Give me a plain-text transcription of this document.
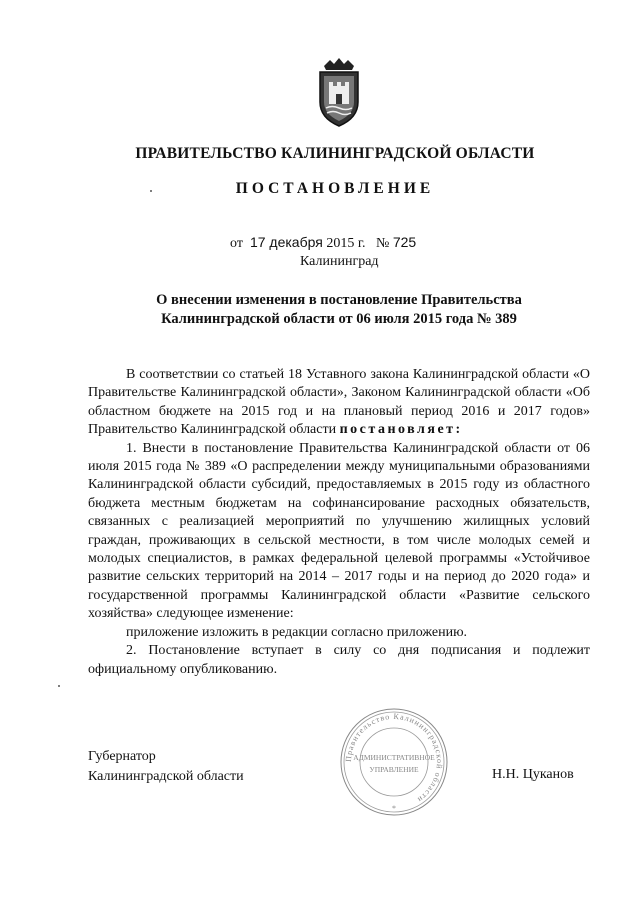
ПРАВИТЕЛЬСТВО КАЛИНИНГРАДСКОЙ ОБЛАСТИ
ПОСТАНОВЛЕНИЕ
от 17 декабря 2015 г. № 725
Калининград
О внесении изменения в постановление Правительства
Калининградской области от 06 июля 2015 года № 389

В соответствии со статьей 18 Уставного закона Калининградской области «О Правительстве Калининградской области», Законом Калининградской области «Об областном бюджете на 2015 год и на плановый период 2016 и 2017 годов» Правительство Калининградской области постановляет:

1. Внести в постановление Правительства Калининградской области от 06 июля 2015 года № 389 «О распределении между муниципальными образованиями Калининградской области субсидий, предоставляемых в 2015 году из областного бюджета местным бюджетам на софинансирование расходных обязательств, связанных с реализацией мероприятий по улучшению жилищных условий граждан, проживающих в сельской местности, в том числе молодых семей и молодых специалистов, в рамках федеральной целевой программы «Устойчивое развитие сельских территорий на 2014 – 2017 годы и на период до 2020 года» и государственной программы Калининградской области «Развитие сельского хозяйства» следующее изменение:

приложение изложить в редакции согласно приложению.

2. Постановление вступает в силу со дня подписания и подлежит официальному опубликованию.

Губернатор
Калининградской области
Правительство Калининградской области
АДМИНИСТРАТИВНОЕ
УПРАВЛЕНИЕ
*
Н.Н. Цуканов
